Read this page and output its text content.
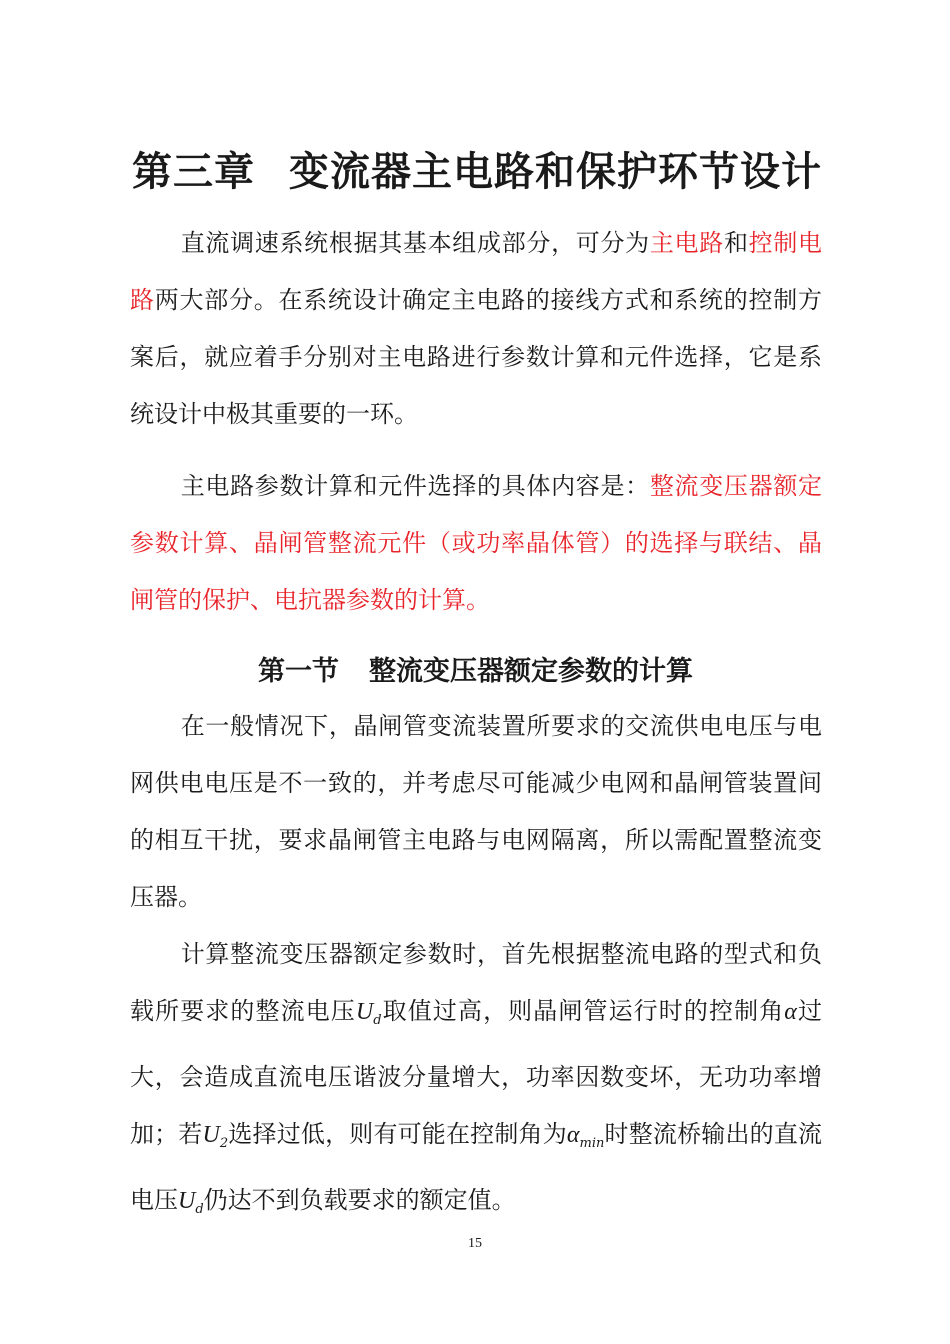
第三章 变流器主电路和保护环节设计

直流调速系统根据其基本组成部分，可分为主电路和控制电路两大部分。在系统设计确定主电路的接线方式和系统的控制方案后，就应着手分别对主电路进行参数计算和元件选择，它是系统设计中极其重要的一环。

主电路参数计算和元件选择的具体内容是：整流变压器额定参数计算、晶闸管整流元件（或功率晶体管）的选择与联结、晶闸管的保护、电抗器参数的计算。

第一节 整流变压器额定参数的计算

在一般情况下，晶闸管变流装置所要求的交流供电电压与电网供电电压是不一致的，并考虑尽可能减少电网和晶闸管装置间的相互干扰，要求晶闸管主电路与电网隔离，所以需配置整流变压器。

计算整流变压器额定参数时，首先根据整流电路的型式和负载所要求的整流电压$U_d$取值过高，则晶闸管运行时的控制角α过大，会造成直流电压谐波分量增大，功率因数变坏，无功功率增加；若$U_2$选择过低，则有可能在控制角为$\alpha_{min}$时整流桥输出的直流电压$U_d$仍达不到负载要求的额定值。

15
